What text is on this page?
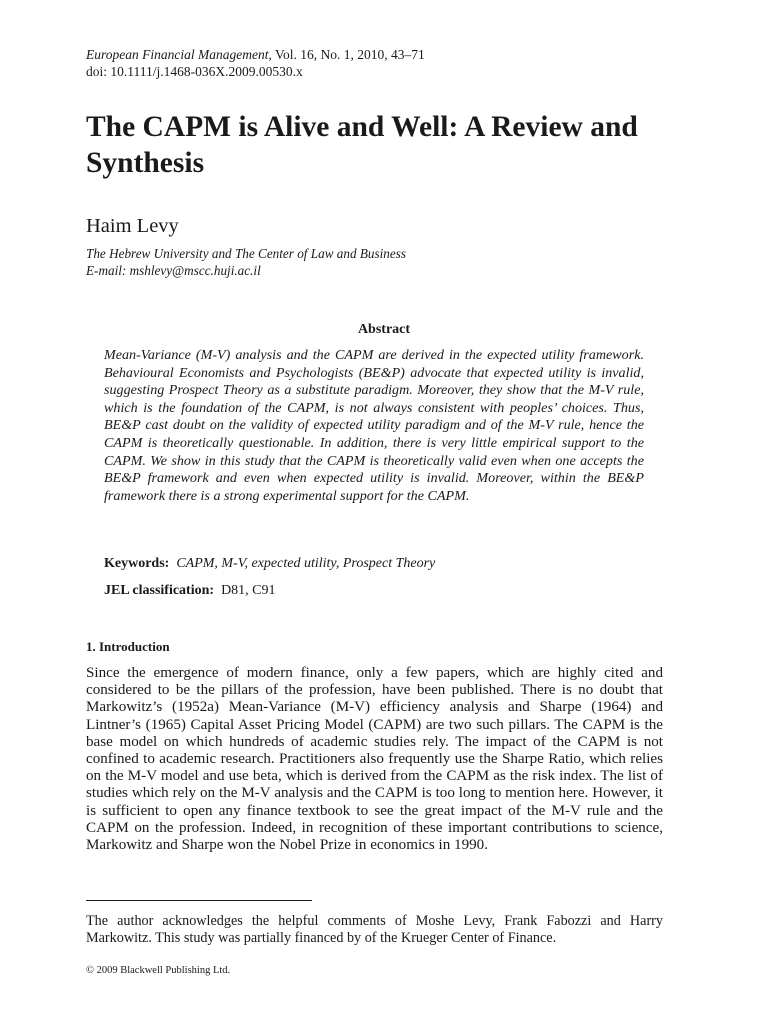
European Financial Management, Vol. 16, No. 1, 2010, 43–71
doi: 10.1111/j.1468-036X.2009.00530.x
The CAPM is Alive and Well: A Review and Synthesis
Haim Levy
The Hebrew University and The Center of Law and Business
E-mail: mshlevy@mscc.huji.ac.il
Abstract

Mean-Variance (M-V) analysis and the CAPM are derived in the expected utility framework. Behavioural Economists and Psychologists (BE&P) advocate that expected utility is invalid, suggesting Prospect Theory as a substitute paradigm. Moreover, they show that the M-V rule, which is the foundation of the CAPM, is not always consistent with peoples’ choices. Thus, BE&P cast doubt on the validity of expected utility paradigm and of the M-V rule, hence the CAPM is theoretically questionable. In addition, there is very little empirical support to the CAPM. We show in this study that the CAPM is theoretically valid even when one accepts the BE&P framework and even when expected utility is invalid. Moreover, within the BE&P framework there is a strong experimental support for the CAPM.

Keywords: CAPM, M-V, expected utility, Prospect Theory
JEL classification: D81, C91
1. Introduction

Since the emergence of modern finance, only a few papers, which are highly cited and considered to be the pillars of the profession, have been published. There is no doubt that Markowitz’s (1952a) Mean-Variance (M-V) efficiency analysis and Sharpe (1964) and Lintner’s (1965) Capital Asset Pricing Model (CAPM) are two such pillars. The CAPM is the base model on which hundreds of academic studies rely. The impact of the CAPM is not confined to academic research. Practitioners also frequently use the Sharpe Ratio, which relies on the M-V model and use beta, which is derived from the CAPM as the risk index. The list of studies which rely on the M-V analysis and the CAPM is too long to mention here. However, it is sufficient to open any finance textbook to see the great impact of the M-V rule and the CAPM on the profession. Indeed, in recognition of these important contributions to science, Markowitz and Sharpe won the Nobel Prize in economics in 1990.

The author acknowledges the helpful comments of Moshe Levy, Frank Fabozzi and Harry Markowitz. This study was partially financed by of the Krueger Center of Finance.

© 2009 Blackwell Publishing Ltd.
